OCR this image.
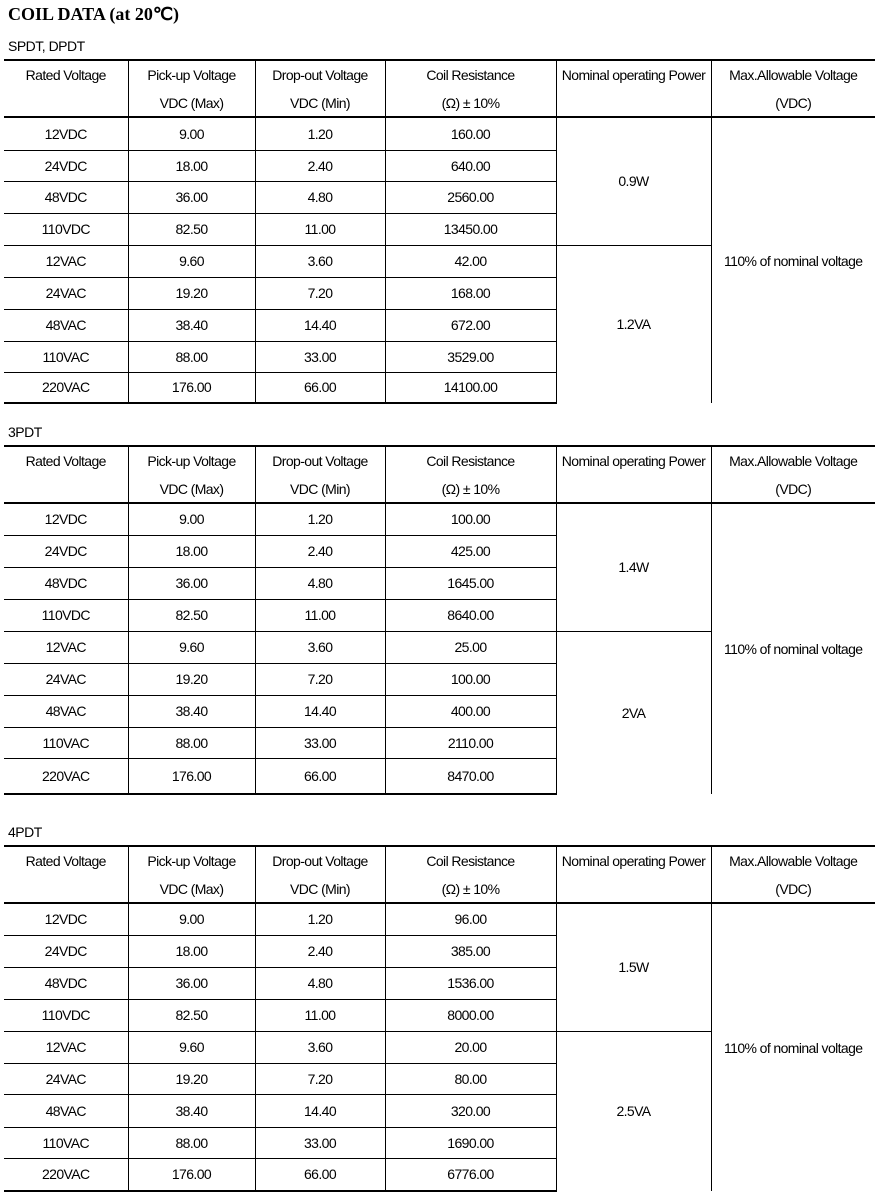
COIL DATA (at 20℃)
SPDT, DPDT
Rated Voltage	Pick-up Voltage	Drop-out Voltage	Coil Resistance	Nominal operating Power	Max.Allowable Voltage
	VDC (Max)	VDC (Min)	(Ω) ± 10%		(VDC)
12VDC	9.00	1.20	160.00	0.9W	110% of nominal voltage
24VDC	18.00	2.40	640.00		
48VDC	36.00	4.80	2560.00		
110VDC	82.50	11.00	13450.00		
12VAC	9.60	3.60	42.00	1.2VA	
24VAC	19.20	7.20	168.00		
48VAC	38.40	14.40	672.00		
110VAC	88.00	33.00	3529.00		
220VAC	176.00	66.00	14100.00		
3PDT
Rated Voltage	Pick-up Voltage	Drop-out Voltage	Coil Resistance	Nominal operating Power	Max.Allowable Voltage
	VDC (Max)	VDC (Min)	(Ω) ± 10%		(VDC)
12VDC	9.00	1.20	100.00	1.4W	110% of nominal voltage
24VDC	18.00	2.40	425.00		
48VDC	36.00	4.80	1645.00		
110VDC	82.50	11.00	8640.00		
12VAC	9.60	3.60	25.00	2VA	
24VAC	19.20	7.20	100.00		
48VAC	38.40	14.40	400.00		
110VAC	88.00	33.00	2110.00		
220VAC	176.00	66.00	8470.00		
4PDT
Rated Voltage	Pick-up Voltage	Drop-out Voltage	Coil Resistance	Nominal operating Power	Max.Allowable Voltage
	VDC (Max)	VDC (Min)	(Ω) ± 10%		(VDC)
12VDC	9.00	1.20	96.00	1.5W	110% of nominal voltage
24VDC	18.00	2.40	385.00		
48VDC	36.00	4.80	1536.00		
110VDC	82.50	11.00	8000.00		
12VAC	9.60	3.60	20.00	2.5VA	
24VAC	19.20	7.20	80.00		
48VAC	38.40	14.40	320.00		
110VAC	88.00	33.00	1690.00		
220VAC	176.00	66.00	6776.00		
